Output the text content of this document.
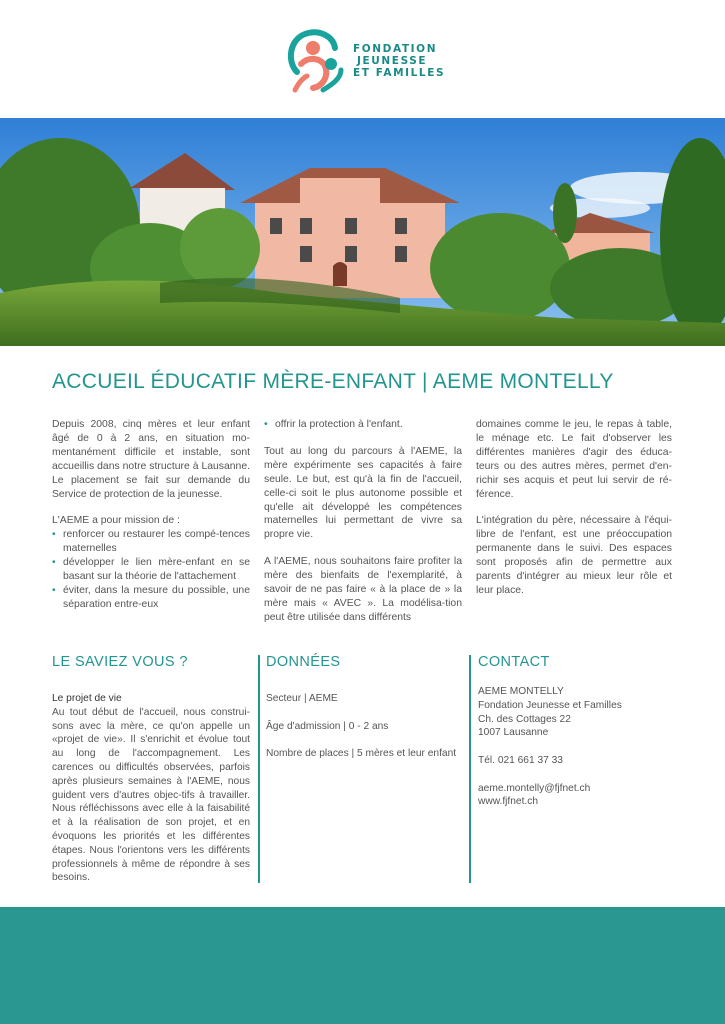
FONDATION
JEUNESSE
ET FAMILLES
ACCUEIL ÉDUCATIF MÈRE-ENFANT | AEME MONTELLY

Depuis 2008, cinq mères et leur enfant âgé de 0 à 2 ans, en situation mo-mentanément difficile et instable, sont accueillis dans notre structure à Lausanne. Le placement se fait sur demande du Service de protection de la jeunesse.

L'AEME a pour mission de :

• renforcer ou restaurer les compé-tences maternelles
• développer le lien mère-enfant en se basant sur la théorie de l'attachement
• éviter, dans la mesure du possible, une séparation entre-eux
• offrir la protection à l'enfant.

Tout au long du parcours à l'AEME, la mère expérimente ses capacités à faire seule. Le but, est qu'à la fin de l'accueil, celle-ci soit le plus autonome possible et qu'elle ait développé les compétences maternelles lui permettant de vivre sa propre vie.

A l'AEME, nous souhaitons faire profiter la mère des bienfaits de l'exemplarité, à savoir de ne pas faire « à la place de » la mère mais « AVEC ». La modélisa-tion peut être utilisée dans différents

domaines comme le jeu, le repas à table, le ménage etc. Le fait d'observer les différentes manières d'agir des éduca-teurs ou des autres mères, permet d'en-richir ses acquis et peut lui servir de ré-férence.

L'intégration du père, nécessaire à l'équi-libre de l'enfant, est une préoccupation permanente dans le suivi. Des espaces sont proposés afin de permettre aux parents d'intégrer au mieux leur rôle et leur place.

LE SAVIEZ VOUS ?
Le projet de vie
Au tout début de l'accueil, nous construi-sons avec la mère, ce qu'on appelle un «projet de vie». Il s'enrichit et évolue tout au long de l'accompagnement. Les carences ou difficultés observées, parfois après plusieurs semaines à l'AEME, nous guident vers d'autres objec-tifs à travailler. Nous réfléchissons avec elle à la faisabilité et à la réalisation de son projet, et en évoquons les priorités et les différentes étapes. Nous l'orientons vers les différents professionnels à même de répondre à ses besoins.
DONNÉES
Secteur | AEME
Âge d'admission | 0 - 2 ans
Nombre de places | 5 mères et leur enfant
CONTACT
AEME MONTELLY
Fondation Jeunesse et Familles
Ch. des Cottages 22
1007 Lausanne
Tél. 021 661 37 33
aeme.montelly@fjfnet.ch
www.fjfnet.ch
